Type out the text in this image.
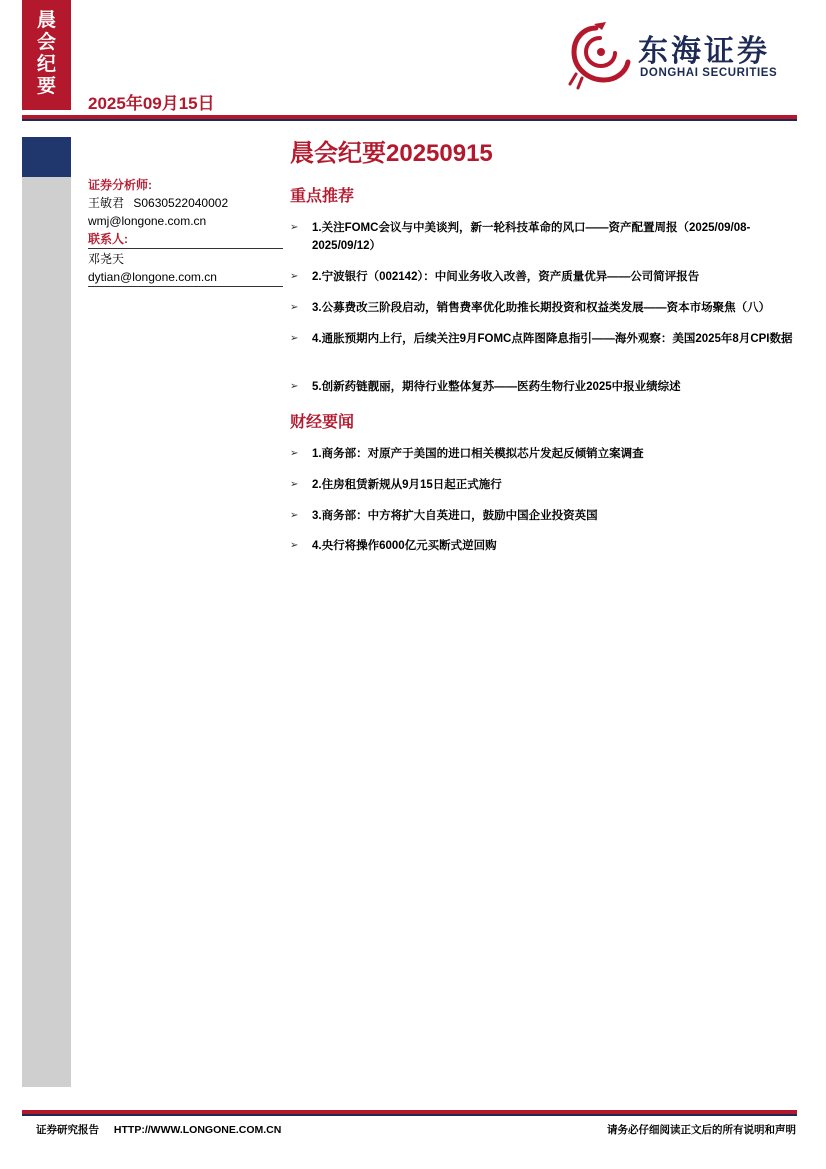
晨
会
纪
要
2025年09月15日
东海证券
DONGHAI SECURITIES
晨会纪要20250915
证券分析师:
王敏君 S0630522040002
wmj@longone.com.cn
联系人:
邓尧天
dytian@longone.com.cn
重点推荐
➢	1.关注FOMC会议与中美谈判，新一轮科技革命的风口——资产配置周报（2025/09/08-2025/09/12）
➢	2.宁波银行（002142）：中间业务收入改善，资产质量优异——公司简评报告
➢	3.公募费改三阶段启动，销售费率优化助推长期投资和权益类发展——资本市场聚焦（八）
➢	4.通胀预期内上行，后续关注9月FOMC点阵图降息指引——海外观察：美国2025年8月CPI数据
➢	5.创新药链靓丽，期待行业整体复苏——医药生物行业2025中报业绩综述
财经要闻
➢	1.商务部：对原产于美国的进口相关模拟芯片发起反倾销立案调查
➢	2.住房租赁新规从9月15日起正式施行
➢	3.商务部：中方将扩大自英进口，鼓励中国企业投资英国
➢	4.央行将操作6000亿元买断式逆回购
证券研究报告 HTTP://WWW.LONGONE.COM.CN	请务必仔细阅读正文后的所有说明和声明
